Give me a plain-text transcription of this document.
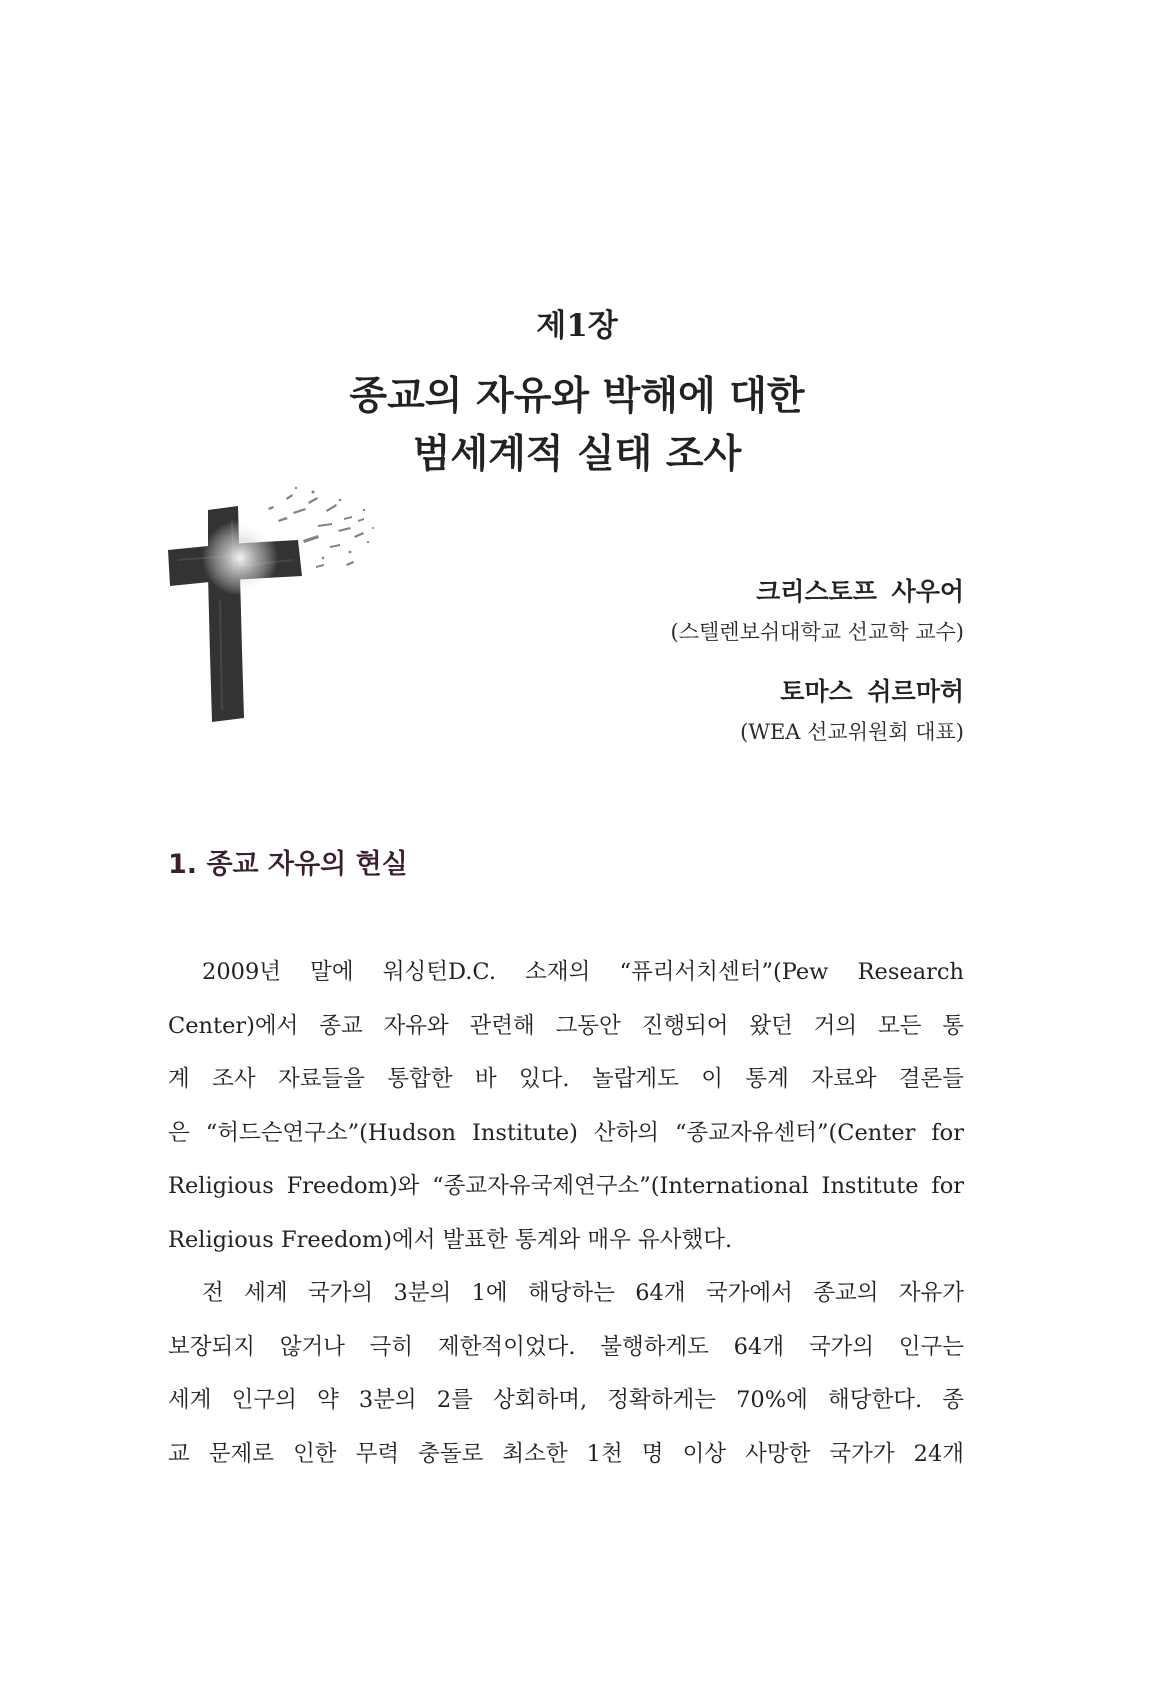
제1장
종교의 자유와 박해에 대한
범세계적 실태 조사
크리스토프 사우어
(스텔렌보쉬대학교 선교학 교수)
토마스 쉬르마허
(WEA 선교위원회 대표)
1. 종교 자유의 현실

2009년 말에 워싱턴D.C. 소재의 “퓨리서치센터”(Pew Research
Center)에서 종교 자유와 관련해 그동안 진행되어 왔던 거의 모든 통
계 조사 자료들을 통합한 바 있다. 놀랍게도 이 통계 자료와 결론들
은 “허드슨연구소”(Hudson Institute) 산하의 “종교자유센터”(Center for
Religious Freedom)와 “종교자유국제연구소”(International Institute for
Religious Freedom)에서 발표한 통계와 매우 유사했다.

전 세계 국가의 3분의 1에 해당하는 64개 국가에서 종교의 자유가
보장되지 않거나 극히 제한적이었다. 불행하게도 64개 국가의 인구는
세계 인구의 약 3분의 2를 상회하며, 정확하게는 70%에 해당한다. 종
교 문제로 인한 무력 충돌로 최소한 1천 명 이상 사망한 국가가 24개
